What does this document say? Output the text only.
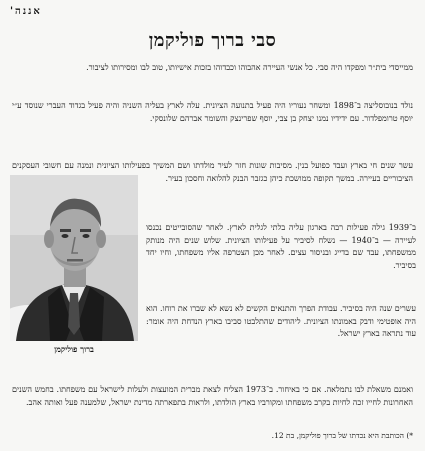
אננה'
סבי ברוך פוליקמן

ממייסדי בית״ר ומפקדו היה סבי. כל אנשי העיירה אהבוהו וכבדוהו בזכות אישיותו, טוב לבו ומסירותו לציבור.

נולד בנובוסליצה ב־1898 ומשחר נעוריו היה פעיל בתנועה הציונית. עלה לארץ בעליה השניה והיה פעיל בגדוד העברי שנוסד ע״י יוסף טרומפלדור. עם ידידיו נמנו יצחק בן צבי, יוסף שפרינצק והשומר אברהם שלונסקי.

עשר שנים חי בארץ ועבד כפועל בנין. מסיבות שונות חזר לעיר מולדתו ושם המשיך בפעילותו הציונית ונמנה עם חשובי העסקנים הציבוריים בעיירה. במשך תקופה ממושכת כיהן כגזבר הבנק להלואה וחסכון בעיר.

ברוך פוליקמן

ב־1939 גילה פעילות רבה בארגון עליה בלתי לגלית לארץ. לאחר שהסובייטים נכנסו לעיירה — ב־1940 — נשלח לסיביר על פעילותו הציונית. שלוש שנים היה מנותק ממשפחתו, עבד שם בדייג ובניסור עצים. לאחר מכן הצטרפה אליו משפחתו, וחיו יחד בסיביר.

עשרים שנה היה בסיביר. עבודת הפרך והתנאים הקשים לא נשא לא שברו את רוחו. הוא היה אופטימי ודבק באמונתו הציונית. ליהודים שהתלבטו סביבו בארץ הנדחת היה אומר: עוד נתראה בארץ ישראל.

ואמנם משאלת לבו נתמלאה. אם כי באיחור. ב־1973 הצליח לצאת מברית המועצות ולעלות לישראל עם משפחתו. בחמש השנים האחרונות לחייו זכה לחיות בקרב משפחתו ומקורביו בארץ הולדתו, ולראות בתפארתה מדינת ישראל, שלמענה פעל ואותה אהב.

*) הכותבת היא נכדתו של ברוך פוליקמן, בת 12.
